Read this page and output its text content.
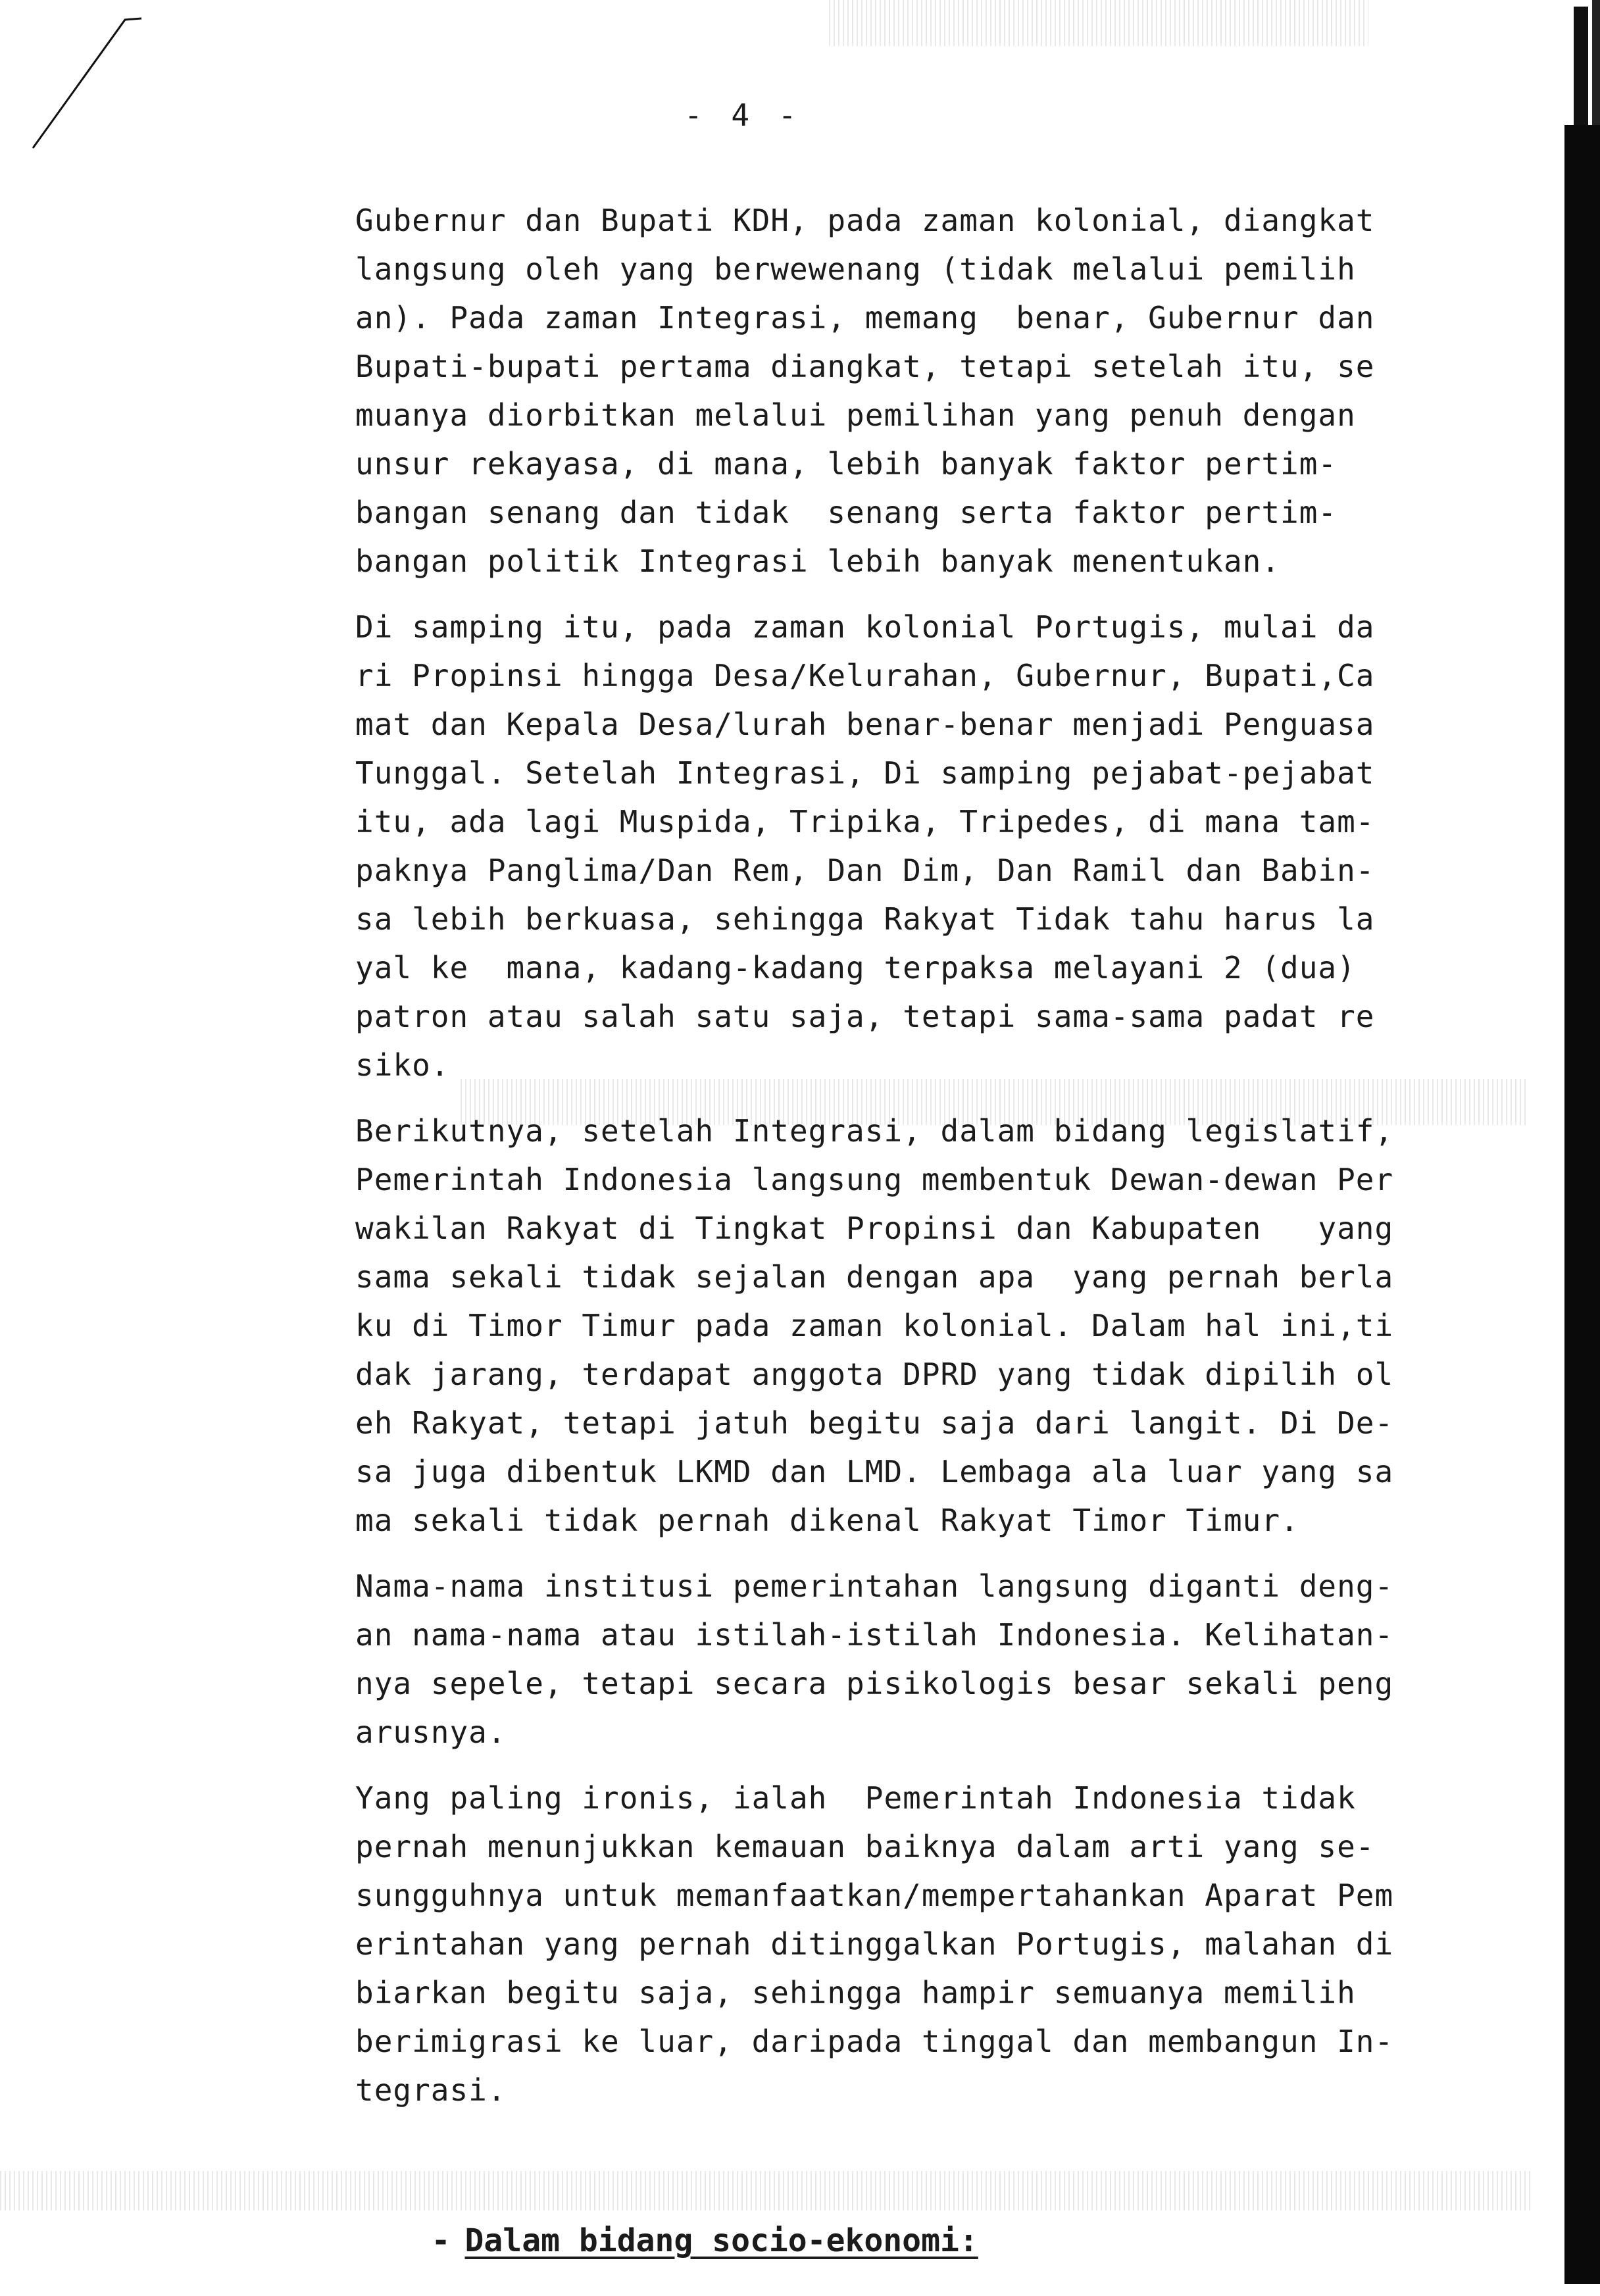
- 4 -
Gubernur dan Bupati KDH, pada zaman kolonial, diangkat
langsung oleh yang berwewenang (tidak melalui pemilih
an). Pada zaman Integrasi, memang  benar, Gubernur dan
Bupati-bupati pertama diangkat, tetapi setelah itu, se
muanya diorbitkan melalui pemilihan yang penuh dengan
unsur rekayasa, di mana, lebih banyak faktor pertim-
bangan senang dan tidak  senang serta faktor pertim-
bangan politik Integrasi lebih banyak menentukan.
Di samping itu, pada zaman kolonial Portugis, mulai da
ri Propinsi hingga Desa/Kelurahan, Gubernur, Bupati,Ca
mat dan Kepala Desa/lurah benar-benar menjadi Penguasa
Tunggal. Setelah Integrasi, Di samping pejabat-pejabat
itu, ada lagi Muspida, Tripika, Tripedes, di mana tam-
paknya Panglima/Dan Rem, Dan Dim, Dan Ramil dan Babin-
sa lebih berkuasa, sehingga Rakyat Tidak tahu harus la
yal ke  mana, kadang-kadang terpaksa melayani 2 (dua)
patron atau salah satu saja, tetapi sama-sama padat re
siko.
Berikutnya, setelah Integrasi, dalam bidang legislatif,
Pemerintah Indonesia langsung membentuk Dewan-dewan Per
wakilan Rakyat di Tingkat Propinsi dan Kabupaten   yang
sama sekali tidak sejalan dengan apa  yang pernah berla
ku di Timor Timur pada zaman kolonial. Dalam hal ini,ti
dak jarang, terdapat anggota DPRD yang tidak dipilih ol
eh Rakyat, tetapi jatuh begitu saja dari langit. Di De-
sa juga dibentuk LKMD dan LMD. Lembaga ala luar yang sa
ma sekali tidak pernah dikenal Rakyat Timor Timur.
Nama-nama institusi pemerintahan langsung diganti deng-
an nama-nama atau istilah-istilah Indonesia. Kelihatan-
nya sepele, tetapi secara pisikologis besar sekali peng
arusnya.
Yang paling ironis, ialah  Pemerintah Indonesia tidak
pernah menunjukkan kemauan baiknya dalam arti yang se-
sungguhnya untuk memanfaatkan/mempertahankan Aparat Pem
erintahan yang pernah ditinggalkan Portugis, malahan di
biarkan begitu saja, sehingga hampir semuanya memilih
berimigrasi ke luar, daripada tinggal dan membangun In-
tegrasi.

- Dalam bidang socio-ekonomi:
